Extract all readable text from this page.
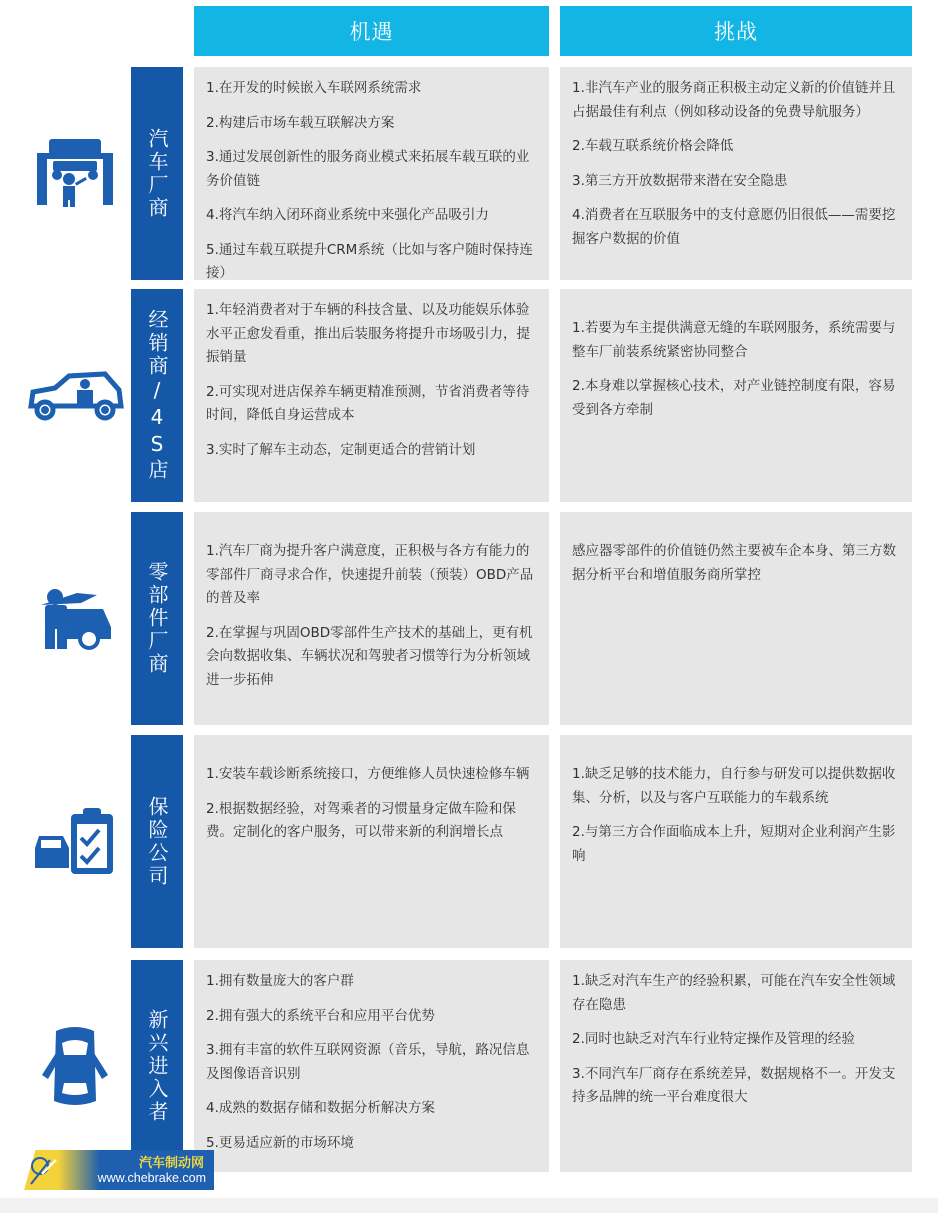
机遇	挑战
汽车厂商

1.在开发的时候嵌入车联网系统需求

2.构建后市场车载互联解决方案

3.通过发展创新性的服务商业模式来拓展车载互联的业务价值链

4.将汽车纳入闭环商业系统中来强化产品吸引力

5.通过车载互联提升CRM系统（比如与客户随时保持连接）

1.非汽车产业的服务商正积极主动定义新的价值链并且占据最佳有利点（例如移动设备的免费导航服务）

2.车载互联系统价格会降低

3.第三方开放数据带来潜在安全隐患

4.消费者在互联服务中的支付意愿仍旧很低——需要挖掘客户数据的价值

经销商/4S店	1.年轻消费者对于车辆的科技含量、以及功能娱乐体验水平正愈发看重，推出后装服务将提升市场吸引力，提振销量

2.可实现对进店保养车辆更精准预测，节省消费者等待时间，降低自身运营成本

3.实时了解车主动态，定制更适合的营销计划

1.若要为车主提供满意无缝的车联网服务，系统需要与整车厂前装系统紧密协同整合

2.本身难以掌握核心技术，对产业链控制度有限，容易受到各方牵制

零部件厂商

1.汽车厂商为提升客户满意度，正积极与各方有能力的零部件厂商寻求合作，快速提升前装（预装）OBD产品的普及率

2.在掌握与巩固OBD零部件生产技术的基础上，更有机会向数据收集、车辆状况和驾驶者习惯等行为分析领域进一步拓伸

感应器零部件的价值链仍然主要被车企本身、第三方数据分析平台和增值服务商所掌控

保险公司

1.安装车载诊断系统接口，方便维修人员快速检修车辆

2.根据数据经验，对驾乘者的习惯量身定做车险和保费。定制化的客户服务，可以带来新的利润增长点

1.缺乏足够的技术能力，自行参与研发可以提供数据收集、分析，以及与客户互联能力的车载系统

2.与第三方合作面临成本上升，短期对企业利润产生影响

新兴进入者

1.拥有数量庞大的客户群

2.拥有强大的系统平台和应用平台优势

3.拥有丰富的软件互联网资源（音乐，导航，路况信息及图像语音识别

4.成熟的数据存储和数据分析解决方案

5.更易适应新的市场环境

1.缺乏对汽车生产的经验积累，可能在汽车安全性领域存在隐患

2.同时也缺乏对汽车行业特定操作及管理的经验

3.不同汽车厂商存在系统差异，数据规格不一。开发支持多品牌的统一平台难度很大

汽车制动网
www.chebrake.com
